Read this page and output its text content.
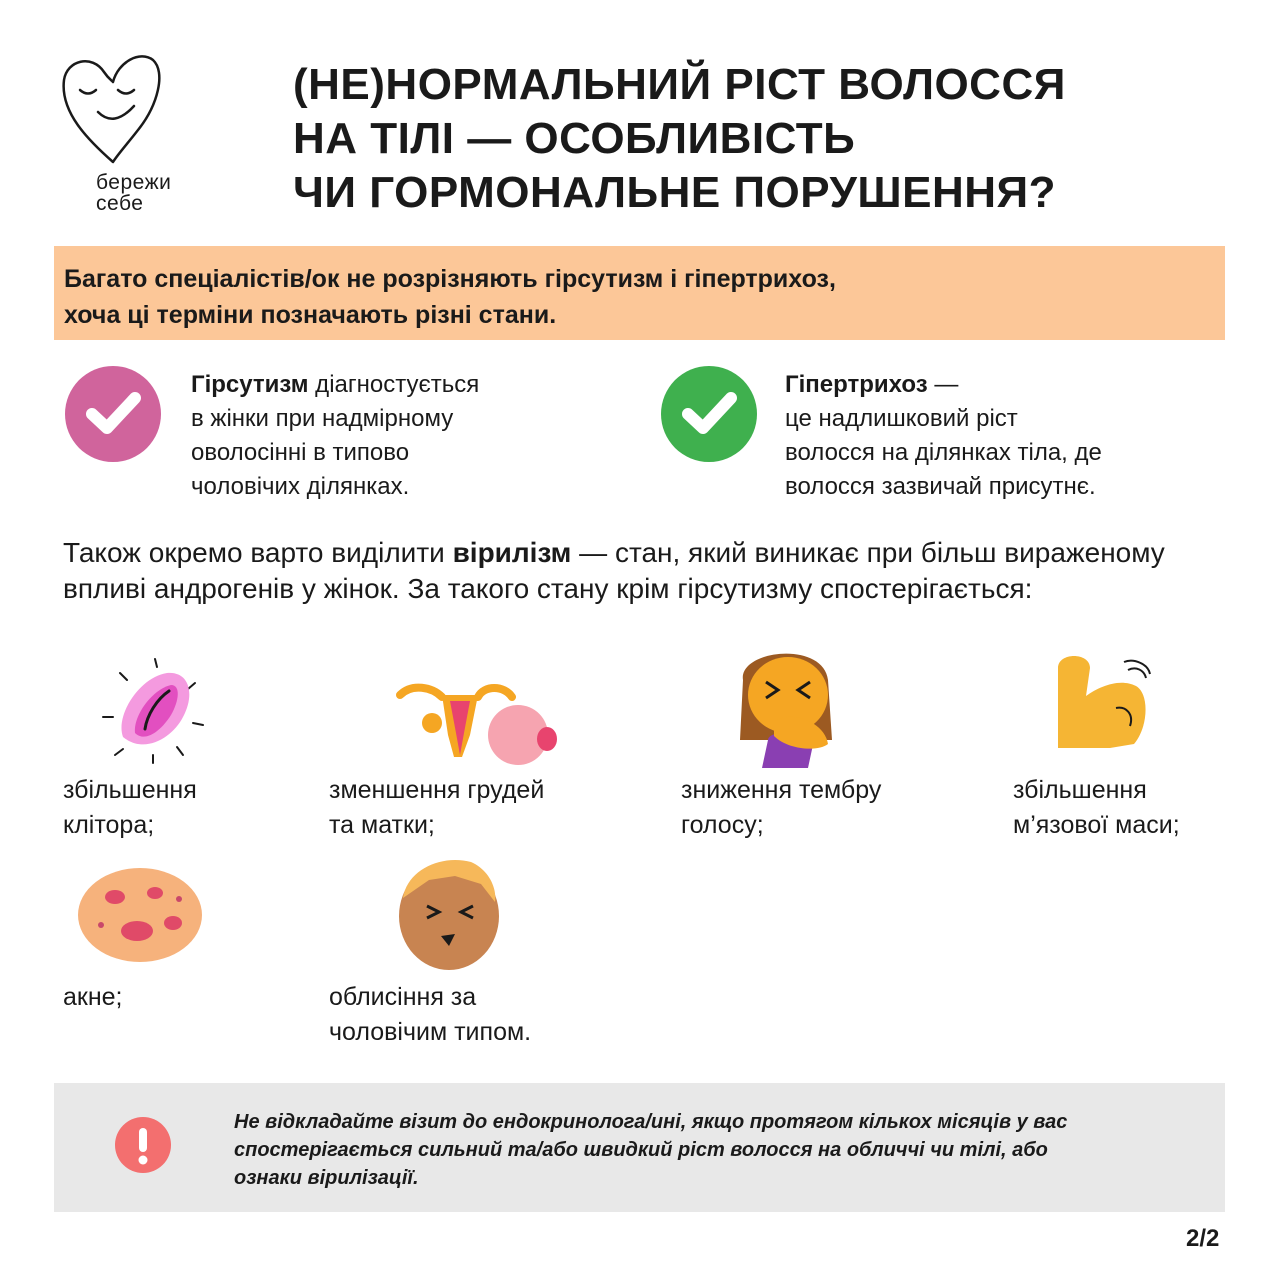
бережи
себе
(НЕ)НОРМАЛЬНИЙ РІСТ ВОЛОССЯ
НА ТІЛІ — ОСОБЛИВІСТЬ
ЧИ ГОРМОНАЛЬНЕ ПОРУШЕННЯ?
Багато спеціалістів/ок не розрізняють гірсутизм і гіпертрихоз,
хоча ці терміни позначають різні стани.
Гірсутизм діагностується
в жінки при надмірному
оволосінні в типово
чоловічих ділянках.
Гіпертрихоз —
це надлишковий ріст
волосся на ділянках тіла, де
волосся зазвичай присутнє.
Також окремо варто виділити вірилізм — стан, який виникає при більш вираженому впливі андрогенів у жінок. За такого стану крім гірсутизму спостерігається:
збільшення
клітора;
зменшення грудей
та матки;
зниження тембру
голосу;
збільшення
м’язової маси;
акне;	облисіння за
чоловічим типом.
Не відкладайте візит до ендокринолога/ині, якщо протягом кількох місяців у вас
спостерігається сильний та/або швидкий ріст волосся на обличчі чи тілі, або
ознаки вірилізації.
2/2
